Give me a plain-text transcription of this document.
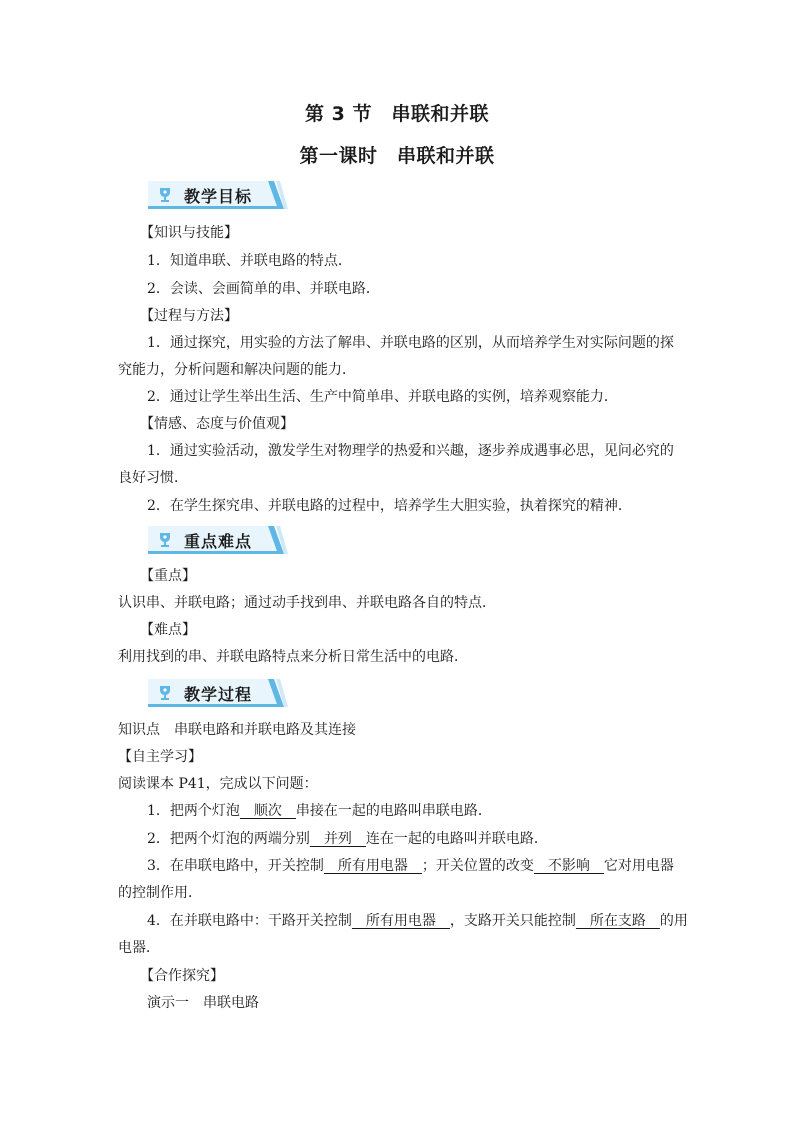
第 3 节　串联和并联
第一课时　串联和并联
教学目标
【知识与技能】
1．知道串联、并联电路的特点．
2．会读、会画简单的串、并联电路．
【过程与方法】
1．通过探究，用实验的方法了解串、并联电路的区别，从而培养学生对实际问题的探
究能力，分析问题和解决问题的能力．
2．通过让学生举出生活、生产中简单串、并联电路的实例，培养观察能力．
【情感、态度与价值观】
1．通过实验活动，激发学生对物理学的热爱和兴趣，逐步养成遇事必思，见问必究的
良好习惯．
2．在学生探究串、并联电路的过程中，培养学生大胆实验，执着探究的精神．
重点难点
【重点】
认识串、并联电路；通过动手找到串、并联电路各自的特点．
【难点】
利用找到的串、并联电路特点来分析日常生活中的电路．
教学过程
知识点　串联电路和并联电路及其连接
【自主学习】
阅读课本 P41，完成以下问题：
1．把两个灯泡　顺次　串接在一起的电路叫串联电路．
2．把两个灯泡的两端分别　并列　连在一起的电路叫并联电路．
3．在串联电路中，开关控制　所有用电器　；开关位置的改变　不影响　它对用电器
的控制作用．
4．在并联电路中：干路开关控制　所有用电器　，支路开关只能控制　所在支路　的用
电器．
【合作探究】
演示一　串联电路
